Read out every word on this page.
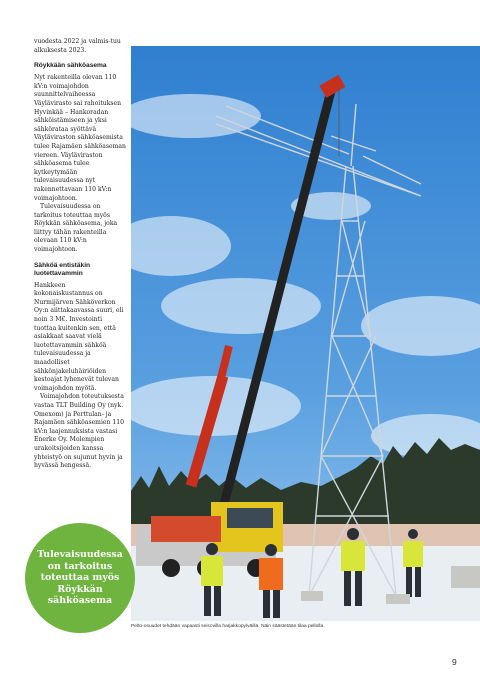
vuodesta 2022 ja valmis-tuu alkuksesta 2023.

Röykkään sähköasema

Nyt rakenteilla olevan 110 kV:n voimajohdon suunnittelvaiheessa Väylävirasto sai rahoituksen Hyvinkää – Hankoradan sähköistämiseen ja yksi sähkörataa syöttävä Väyläviraston sähköasemista tulee Rajamäen sähköaseman viereen. Väyläviraston sähköasema tulee kytkeytymään tulevaisuudessa nyt rakennettavaan 110 kV:n voimajohtoon.

Tulevaisuudessa on tarkoitus toteuttaa myös Röykkän sähköasema, joka liittyy tähän rakenteilla olevaan 110 kV:n voimajohtoon.

Sähköä entistäkin luotettavammin

Hankkeen kokonaiskustannus on Nurmijärven Sähköverkon Oy:n aiittakaavassa suuri, eli noin 3 M€. Investointi tuottaa kuitenkin sen, että asiakkaat saavat vielä luotettavammin sähköä tulevaisuudessa ja maadolliset sähkönjakeluhäiriöiden kestoajat lyhenevät tulevan voimajohdon myötä.

Voimajohdon toteutuksesta vastaa TLT Building Oy (nyk. Omexom) ja Perttulan- ja Rajamäen sähköasemien 110 kV:n laajennuksista vastasi Enerke Oy. Molempien urakoitsijoiden kanssa yhteistyö on sujunut hyvin ja hyvässä hengessä.

Pelto-osuudet tehdään vapaasti seisovilla harjakkopylväillä. Näin säästetään tilaa pellolla.
Tulevaisuudessa on tarkoitus toteuttaa myös Röykkän sähköasema
9
